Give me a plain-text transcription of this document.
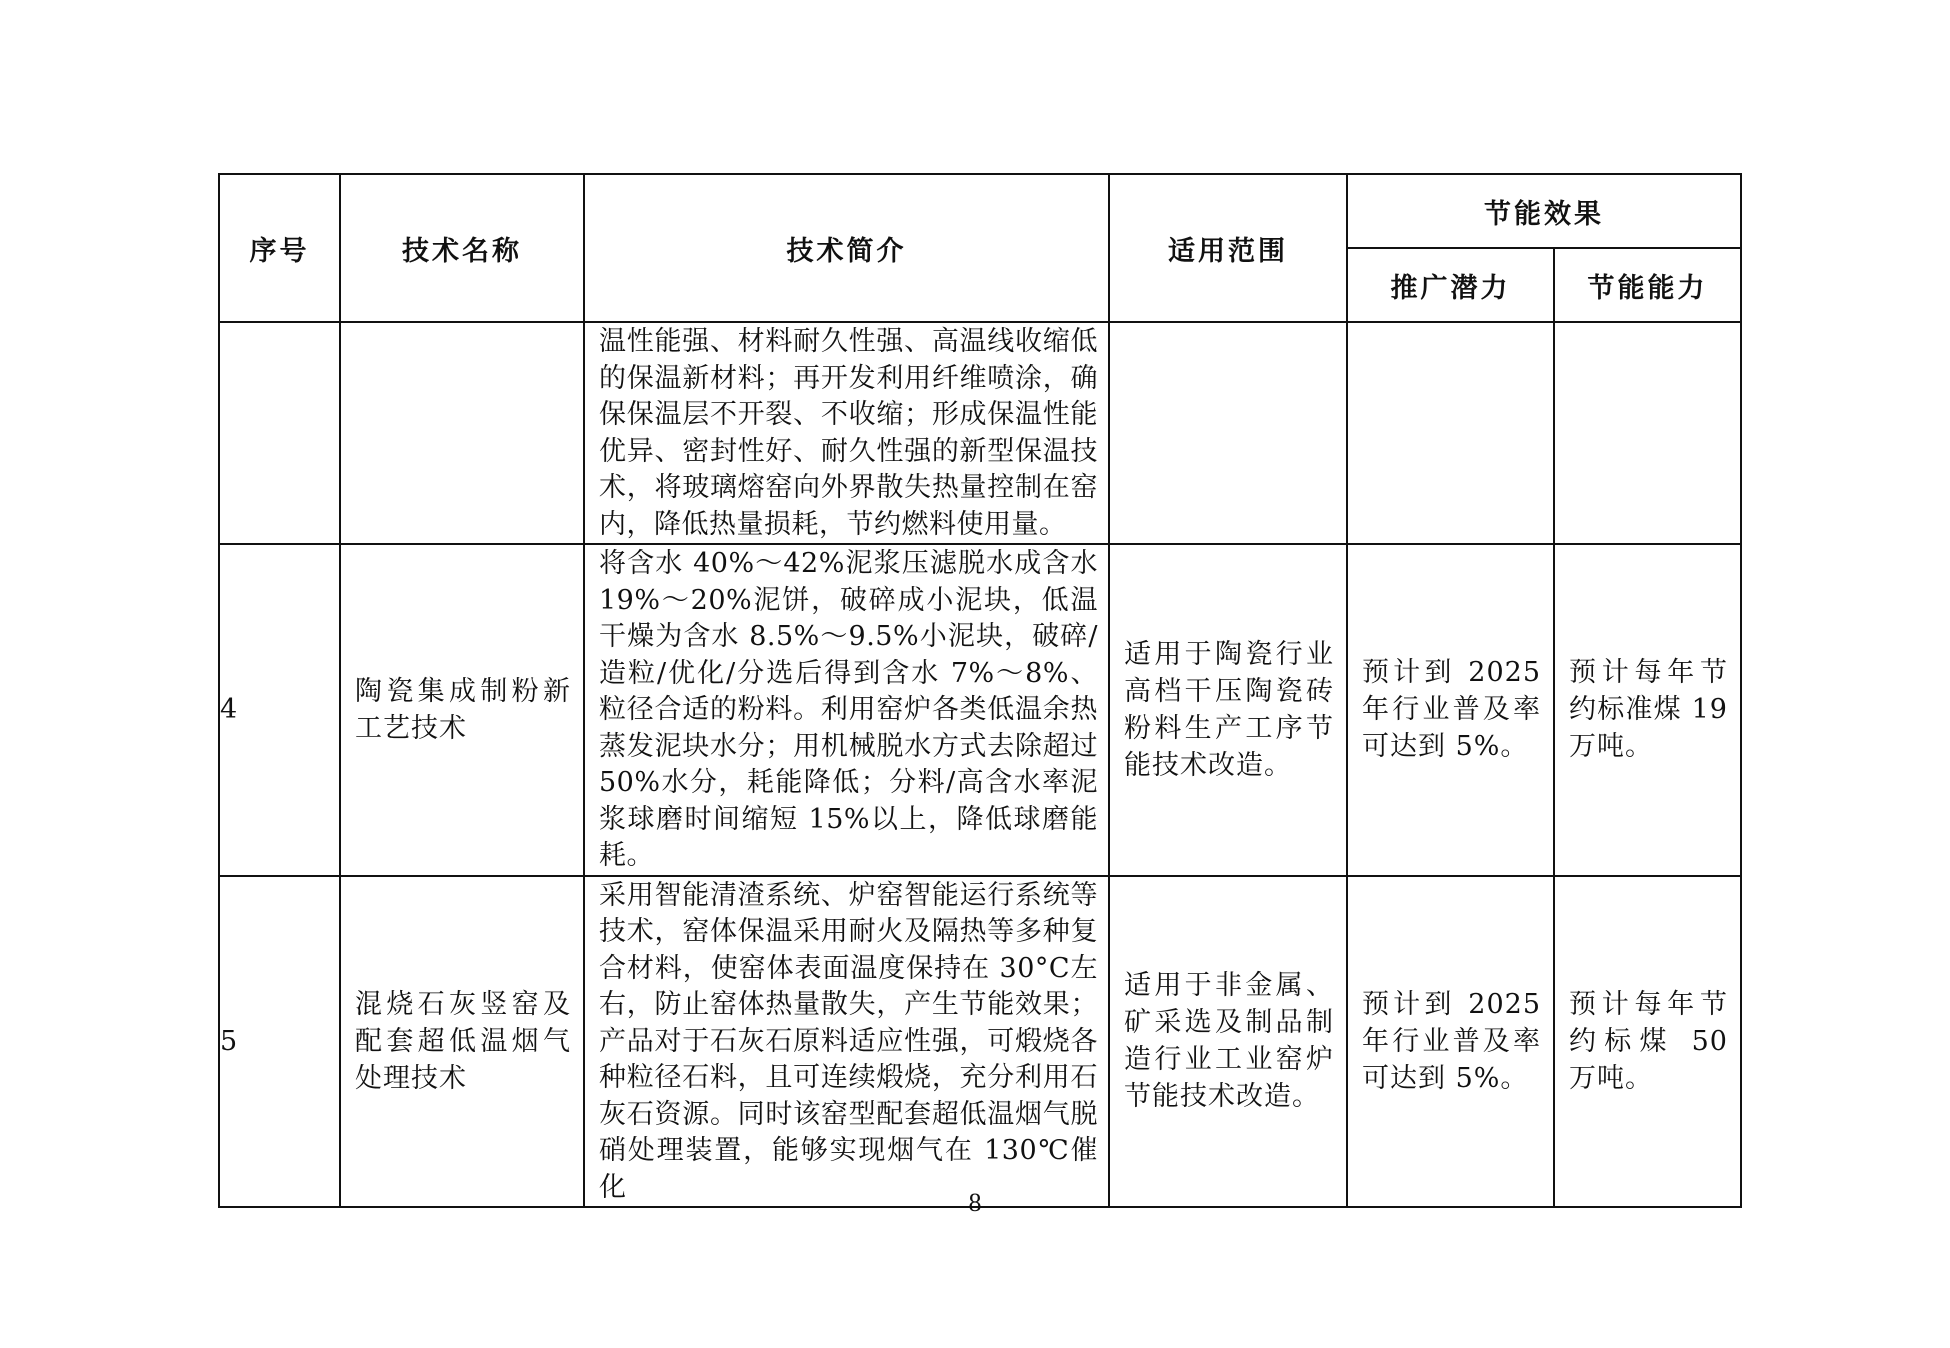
序号	技术名称	技术简介	适用范围	节能效果	
				推广潜力	节能能力

		温性能强、材料耐久性强、高温线收缩低的保温新材料；再开发利用纤维喷涂，确保保温层不开裂、不收缩；形成保温性能优异、密封性好、耐久性强的新型保温技术，将玻璃熔窑向外界散失热量控制在窑内，降低热量损耗，节约燃料使用量。			

4	陶瓷集成制粉新工艺技术	将含水 40%～42%泥浆压滤脱水成含水19%～20%泥饼，破碎成小泥块，低温干燥为含水 8.5%～9.5%小泥块，破碎/造粒/优化/分选后得到含水 7%～8%、粒径合适的粉料。利用窑炉各类低温余热蒸发泥块水分；用机械脱水方式去除超过 50%水分，耗能降低；分料/高含水率泥浆球磨时间缩短 15%以上，降低球磨能耗。	适用于陶瓷行业高档干压陶瓷砖粉料生产工序节能技术改造。	预计到 2025 年行业普及率可达到 5%。	预计每年节约标准煤 19 万吨。

5	混烧石灰竖窑及配套超低温烟气处理技术	采用智能清渣系统、炉窑智能运行系统等技术，窑体保温采用耐火及隔热等多种复合材料，使窑体表面温度保持在 30°C左右，防止窑体热量散失，产生节能效果；产品对于石灰石原料适应性强，可煅烧各种粒径石料，且可连续煅烧，充分利用石灰石资源。同时该窑型配套超低温烟气脱硝处理装置，能够实现烟气在 130℃催化	适用于非金属、矿采选及制品制造行业工业窑炉节能技术改造。	预计到 2025 年行业普及率可达到 5%。	预计每年节约标煤 50 万吨。
8
